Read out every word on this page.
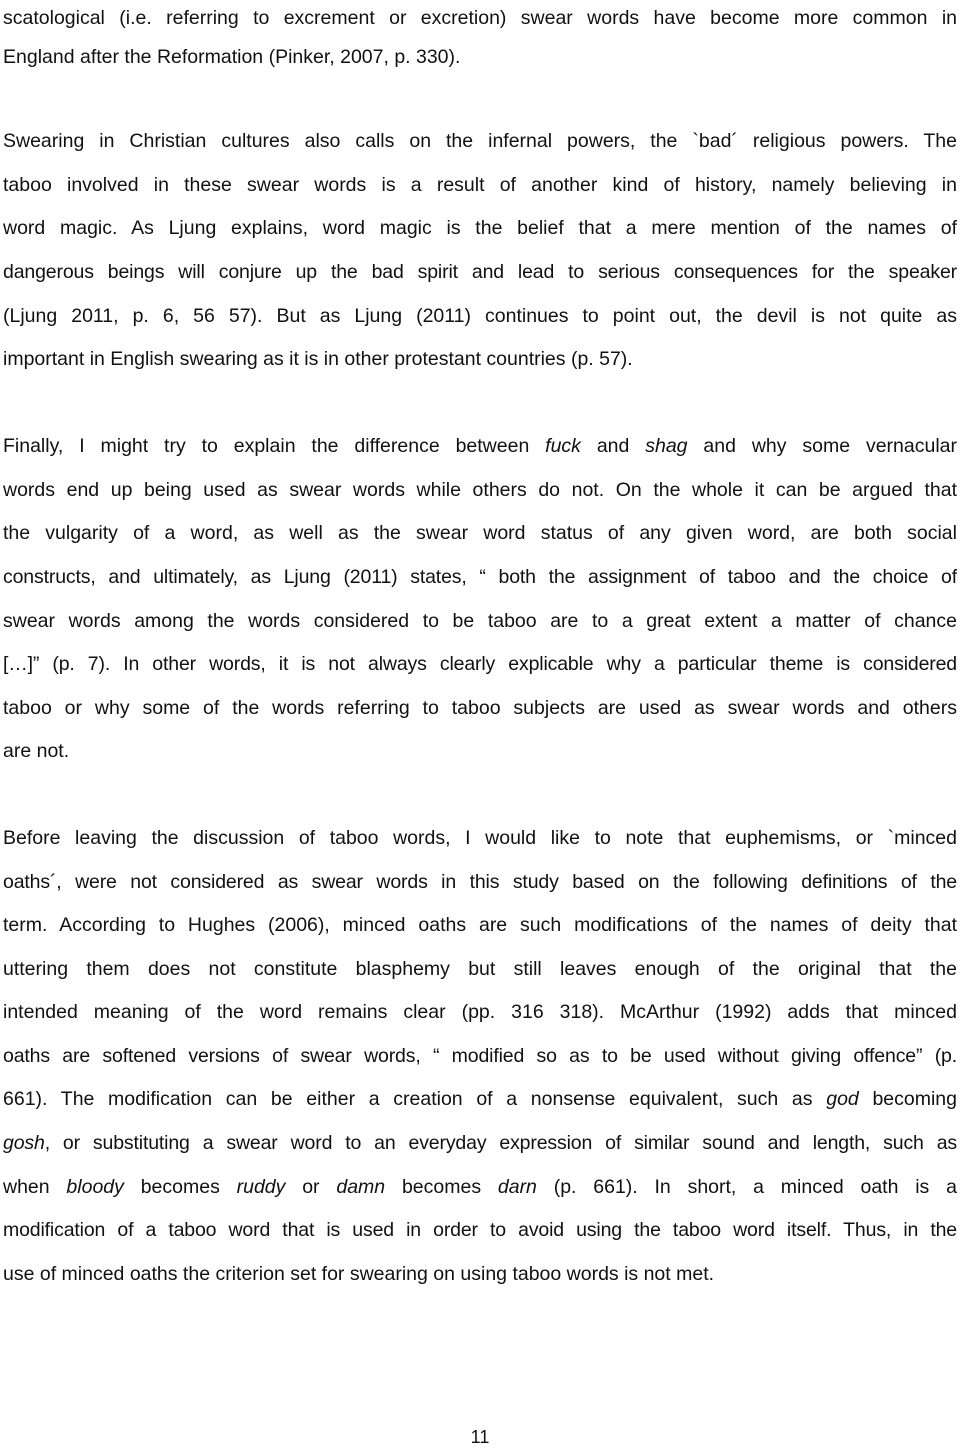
scatological (i.e. referring to excrement or excretion) swear words have become more common in
England after the Reformation (Pinker, 2007, p. 330).
Swearing in Christian cultures also calls on the infernal powers, the `bad´ religious powers. The
taboo involved in these swear words is a result of another kind of history, namely believing in
word magic. As Ljung explains, word magic is the belief that a mere mention of the names of
dangerous beings will conjure up the bad spirit and lead to serious consequences for the speaker
(Ljung 2011, p. 6, 56 57). But as Ljung (2011) continues to point out, the devil is not quite as
important in English swearing as it is in other protestant countries (p. 57).
Finally, I might try to explain the difference between fuck and shag and why some vernacular
words end up being used as swear words while others do not. On the whole it can be argued that
the vulgarity of a word, as well as the swear word status of any given word, are both social
constructs, and ultimately, as Ljung (2011) states, “ both the assignment of taboo and the choice of
swear words among the words considered to be taboo are to a great extent a matter of chance
[…]” (p. 7). In other words, it is not always clearly explicable why a particular theme is considered
taboo or why some of the words referring to taboo subjects are used as swear words and others
are not.
Before leaving the discussion of taboo words, I would like to note that euphemisms, or `minced
oaths´, were not considered as swear words in this study based on the following definitions of the
term. According to Hughes (2006), minced oaths are such modifications of the names of deity that
uttering them does not constitute blasphemy but still leaves enough of the original that the
intended meaning of the word remains clear (pp. 316 318). McArthur (1992) adds that minced
oaths are softened versions of swear words, “ modified so as to be used without giving offence” (p.
661). The modification can be either a creation of a nonsense equivalent, such as god becoming
gosh, or substituting a swear word to an everyday expression of similar sound and length, such as
when bloody becomes ruddy or damn becomes darn (p. 661). In short, a minced oath is a
modification of a taboo word that is used in order to avoid using the taboo word itself. Thus, in the
use of minced oaths the criterion set for swearing on using taboo words is not met.
11
